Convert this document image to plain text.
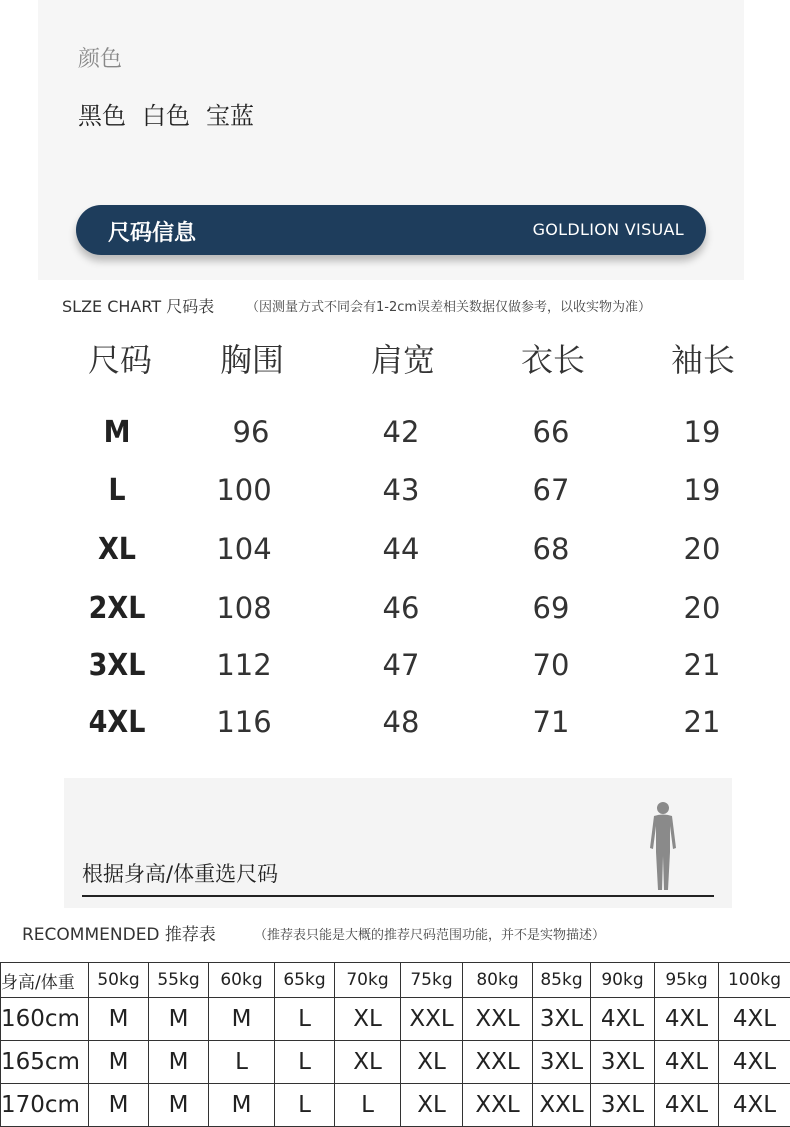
颜色
黑色 白色 宝蓝
尺码信息	GOLDLION VISUAL
SLZE CHART 尺码表 （因测量方式不同会有1-2cm误差相关数据仅做参考，以收实物为准）
尺码	胸围	肩宽	衣长	袖长
M	96	42	66	19
L	100	43	67	19
XL	104	44	68	20
2XL	108	46	69	20
3XL	112	47	70	21
4XL	116	48	71	21
根据身高/体重选尺码
RECOMMENDED 推荐表	（推荐表只能是大概的推荐尺码范围功能，并不是实物描述）
身高/体重	50kg	55kg	60kg	65kg	70kg	75kg	80kg	85kg	90kg	95kg	100kg
160cm	M	M	M	L	XL	XXL	XXL	3XL	4XL	4XL	4XL
165cm	M	M	L	L	XL	XL	XXL	3XL	3XL	4XL	4XL
170cm	M	M	M	L	L	XL	XXL	XXL	3XL	4XL	4XL
